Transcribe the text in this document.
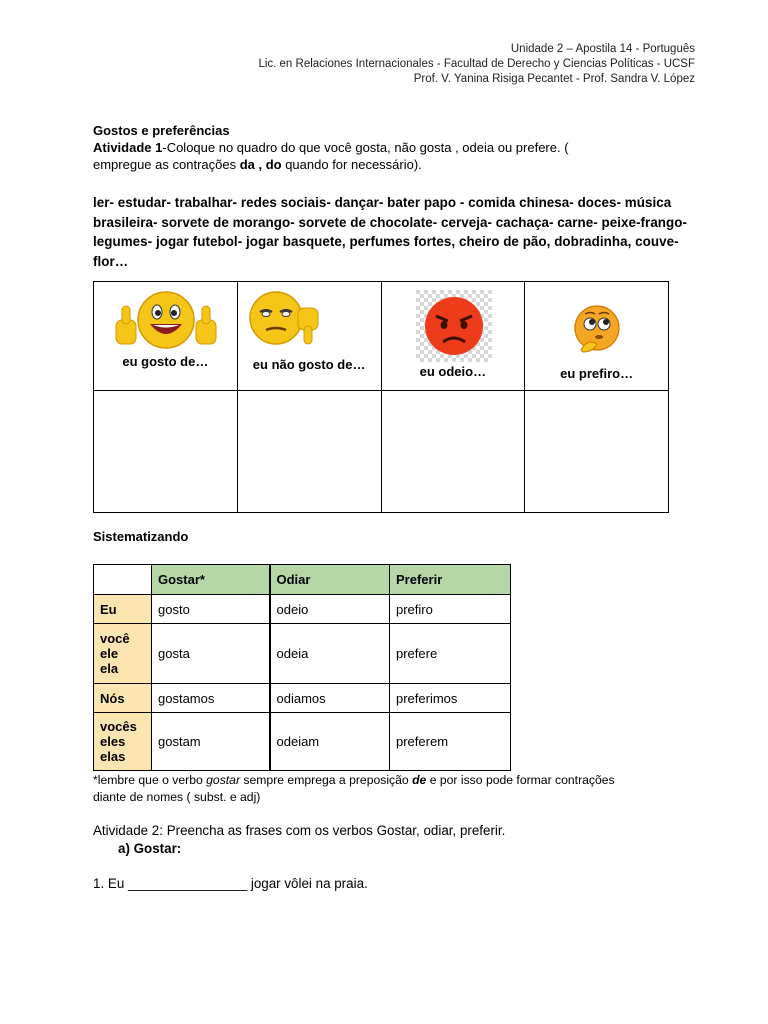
Unidade 2 – Apostila 14 - Português
Lic. en Relaciones Internacionales - Facultad de Derecho y Ciencias Políticas - UCSF
Prof. V. Yanina Risiga Pecantet - Prof. Sandra V. López
Gostos e preferências
Atividade 1-Coloque no quadro do que você gosta, não gosta , odeia ou prefere. (
empregue as contrações da , do quando for necessário).
ler- estudar- trabalhar- redes sociais- dançar- bater papo - comida chinesa- doces- música brasileira- sorvete de morango- sorvete de chocolate- cerveja- cachaça- carne- peixe-frango- legumes- jogar futebol- jogar basquete, perfumes fortes, cheiro de pão, dobradinha, couve-flor…
eu gosto de…	eu não gosto de…	eu odeio…	eu prefiro…

Sistematizando
	Gostar*	Odiar	Preferir
Eu	gosto	odeio	prefiro
você
ele
ela	gosta	odeia	prefere
Nós	gostamos	odiamos	preferimos
vocês
eles
elas	gostam	odeiam	preferem
*lembre que o verbo gostar sempre emprega a preposição de e por isso pode formar contrações
diante de nomes ( subst. e adj)
Atividade 2: Preencha as frases com os verbos Gostar, odiar, preferir.
a) Gostar:
1. Eu ________________ jogar vôlei na praia.
